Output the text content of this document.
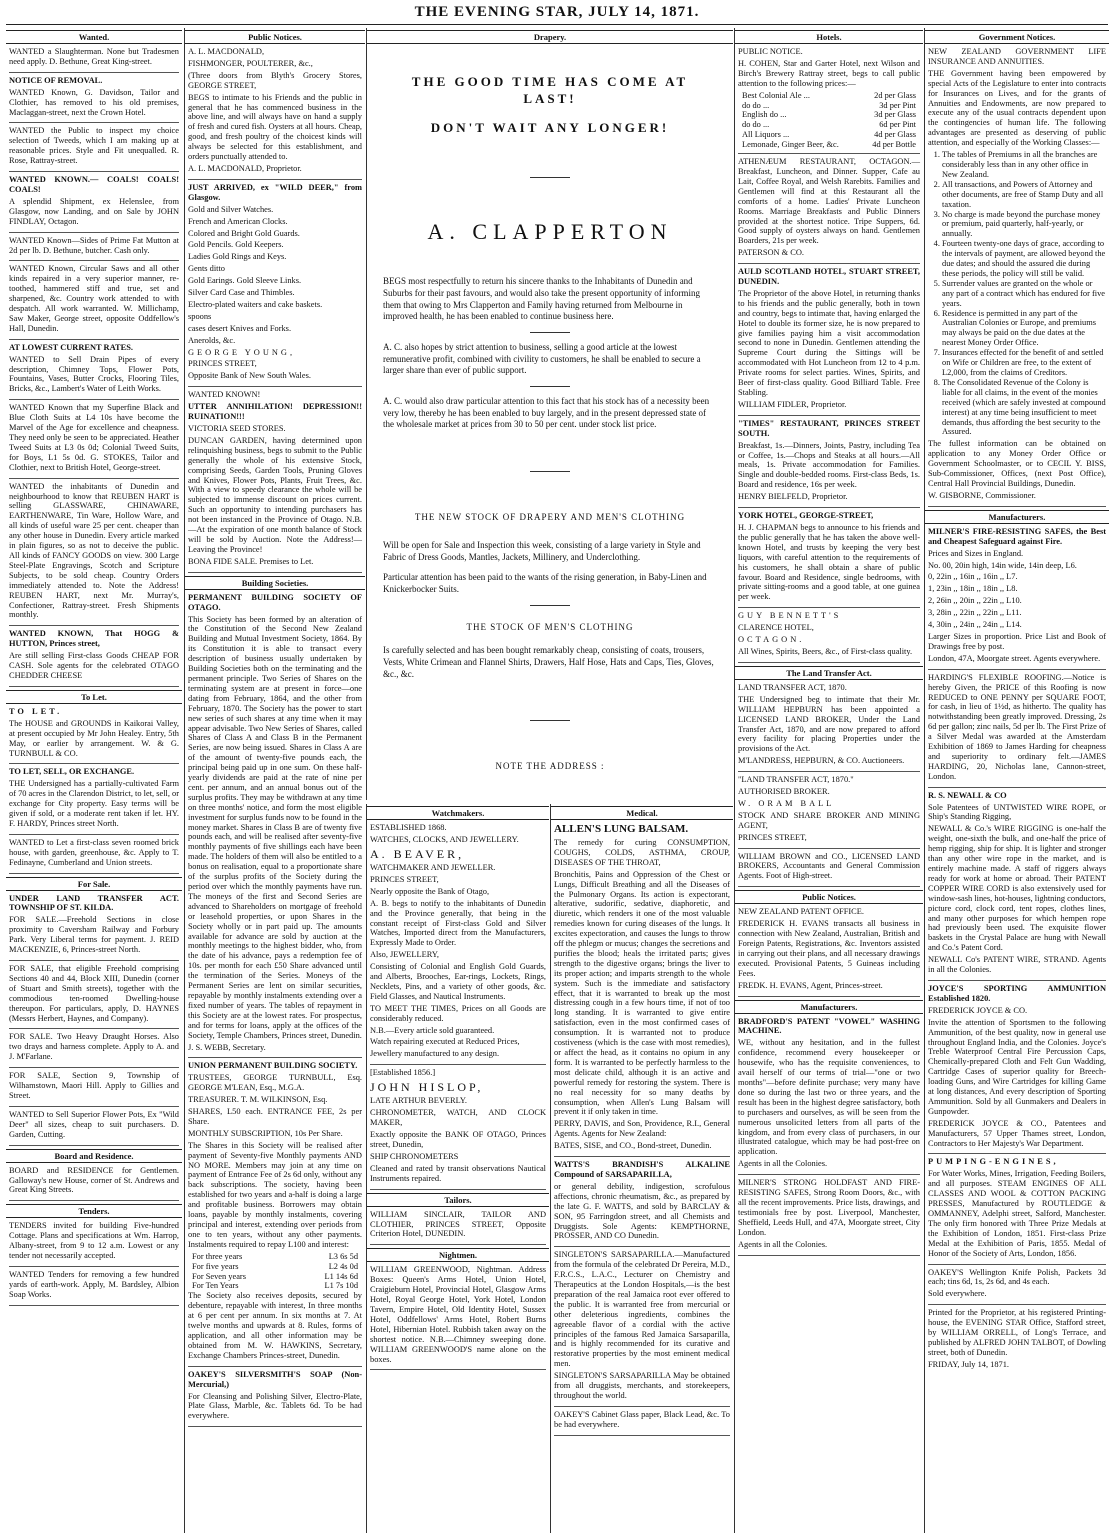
THE EVENING STAR, JULY 14, 1871.
Wanted.

WANTED a Slaughterman. None but Tradesmen need apply. D. Bethune, Great King-street.

NOTICE OF REMOVAL.

WANTED Known, G. Davidson, Tailor and Clothier, has removed to his old premises, Maclaggan-street, next the Crown Hotel.

WANTED the Public to inspect my choice selection of Tweeds, which I am making up at reasonable prices. Style and Fit unequalled. R. Rose, Rattray-street.

WANTED KNOWN.— COALS! COALS! COALS!

A splendid Shipment, ex Helenslee, from Glasgow, now Landing, and on Sale by JOHN FINDLAY, Octagon.

WANTED Known—Sides of Prime Fat Mutton at 2d per lb. D. Bethune, butcher. Cash only.

WANTED Known, Circular Saws and all other kinds repaired in a very superior manner, re-toothed, hammered stiff and true, set and sharpened, &c. Country work attended to with despatch. All work warranted. W. Millichamp, Saw Maker, George street, opposite Oddfellow's Hall, Dunedin.

AT LOWEST CURRENT RATES.

WANTED to Sell Drain Pipes of every description, Chimney Tops, Flower Pots, Fountains, Vases, Butter Crocks, Flooring Tiles, Bricks, &c., Lambert's Water of Leith Works.

WANTED Known that my Superfine Black and Blue Cloth Suits at L4 10s have become the Marvel of the Age for excellence and cheapness. They need only be seen to be appreciated. Heather Tweed Suits at L3 0s 0d; Colonial Tweed Suits, for Boys, L1 5s 0d. G. STOKES, Tailor and Clothier, next to British Hotel, George-street.

WANTED the inhabitants of Dunedin and neighbourhood to know that REUBEN HART is selling GLASSWARE, CHINAWARE, EARTHENWARE, Tin Ware, Hollow Ware, and all kinds of useful ware 25 per cent. cheaper than any other house in Dunedin. Every article marked in plain figures, so as not to deceive the public. All kinds of FANCY GOODS on view. 300 Large Steel-Plate Engravings, Scotch and Scripture Subjects, to be sold cheap. Country Orders immediately attended to. Note the Address! REUBEN HART, next Mr. Murray's, Confectioner, Rattray-street. Fresh Shipments monthly.

WANTED KNOWN, That HOGG & HUTTON, Princes street,

Are still selling First-class Goods CHEAP FOR CASH. Sole agents for the celebrated OTAGO CHEDDER CHEESE

To Let.

TO LET.

The HOUSE and GROUNDS in Kaikorai Valley, at present occupied by Mr John Healey. Entry, 5th May, or earlier by arrangement. W. & G. TURNBULL & CO.

TO LET, SELL, OR EXCHANGE.

THE Undersigned has a partially-cultivated Farm of 70 acres in the Clarendon District, to let, sell, or exchange for City property. Easy terms will be given if sold, or a moderate rent taken if let. HY. F. HARDY, Princes street North.

WANTED to Let a first-class seven roomed brick house, with garden, greenhouse, &c. Apply to T. Fedinayne, Cumberland and Union streets.

For Sale.

UNDER LAND TRANSFER ACT. TOWNSHIP OF ST. KILDA.

FOR SALE.—Freehold Sections in close proximity to Caversham Railway and Forbury Park. Very Liberal terms for payment. J. REID MACKENZIE, 6, Princes-street North.

FOR SALE, that eligible Freehold comprising Sections 40 and 44, Block XIII, Dunedin (corner of Stuart and Smith streets), together with the commodious ten-roomed Dwelling-house thereupon. For particulars, apply, D. HAYNES (Messrs Herbert, Haynes, and Company).

FOR SALE. Two Heavy Draught Horses. Also two drays and harness complete. Apply to A. and J. M'Farlane.

FOR SALE, Section 9, Township of Wilhamstown, Maori Hill. Apply to Gillies and Street.

WANTED to Sell Superior Flower Pots, Ex "Wild Deer" all sizes, cheap to suit purchasers. D. Garden, Cutting.

Board and Residence.

BOARD and RESIDENCE for Gentlemen. Galloway's new House, corner of St. Andrews and Great King Streets.

Tenders.

TENDERS invited for building Five-hundred Cottage. Plans and specifications at Wm. Harrop, Albany-street, from 9 to 12 a.m. Lowest or any tender not necessarily accepted.

WANTED Tenders for removing a few hundred yards of earth-work. Apply, M. Bardsley, Albion Soap Works.

Public Notices.

A. L. MACDONALD,

FISHMONGER, POULTERER, &c.,

(Three doors from Blyth's Grocery Stores, GEORGE STREET,

BEGS to intimate to his Friends and the public in general that he has commenced business in the above line, and will always have on hand a supply of fresh and cured fish. Oysters at all hours. Cheap, good, and fresh poultry of the choicest kinds will always be selected for this establishment, and orders punctually attended to.

A. L. MACDONALD, Proprietor.

JUST ARRIVED, ex "WILD DEER," from Glasgow.

Gold and Silver Watches.

French and American Clocks.

Colored and Bright Gold Guards.

Gold Pencils. Gold Keepers.

Ladies Gold Rings and Keys.

Gents ditto

Gold Earings. Gold Sleeve Links.

Silver Card Case and Thimbles.

Electro-plated waiters and cake baskets.

spoons

cases desert Knives and Forks.

Anerolds, &c.

GEORGE YOUNG,

PRINCES STREET,

Opposite Bank of New South Wales.

WANTED KNOWN!

UTTER ANNIHILATION! DEPRESSION!! RUINATION!!!

VICTORIA SEED STORES.

DUNCAN GARDEN, having determined upon relinquishing business, begs to submit to the Public generally the whole of his extensive Stock, comprising Seeds, Garden Tools, Pruning Gloves and Knives, Flower Pots, Plants, Fruit Trees, &c. With a view to speedy clearance the whole will be subjected to immense discount on prices current. Such an opportunity to intending purchasers has not been instanced in the Province of Otago. N.B.—At the expiration of one month balance of Stock will be sold by Auction. Note the Address!—Leaving the Province!

BONA FIDE SALE. Premises to Let.

Building Societies.

PERMANENT BUILDING SOCIETY OF OTAGO.

This Society has been formed by an alteration of the Constitution of the Second New Zealand Building and Mutual Investment Society, 1864. By its Constitution it is able to transact every description of business usually undertaken by Building Societies both on the terminating and the permanent principle. Two Series of Shares on the terminating system are at present in force—one dating from February, 1864, and the other from February, 1870. The Society has the power to start new series of such shares at any time when it may appear advisable. Two New Series of Shares, called Shares of Class A and Class B in the Permanent Series, are now being issued. Shares in Class A are of the amount of twenty-five pounds each, the principal being paid up in one sum. On these half-yearly dividends are paid at the rate of nine per cent. per annum, and an annual bonus out of the surplus profits. They may be withdrawn at any time on three months' notice, and form the most eligible investment for surplus funds now to be found in the money market. Shares in Class B are of twenty five pounds each, and will be realised after seventy-five monthly payments of five shillings each have been made. The holders of them will also be entitled to a bonus on realisation, equal to a proportionate share of the surplus profits of the Society during the period over which the monthly payments have run. The moneys of the first and Second Series are advanced to Shareholders on mortgage of freehold or leasehold properties, or upon Shares in the Society wholly or in part paid up. The amounts available for advance are sold by auction at the monthly meetings to the highest bidder, who, from the date of his advance, pays a redemption fee of 10s. per month for each £50 Share advanced until the termination of the Series. Moneys of the Permanent Series are lent on similar securities, repayable by monthly instalments extending over a fixed number of years. The tables of repayment in this Society are at the lowest rates. For prospectus, and for terms for loans, apply at the offices of the Society, Temple Chambers, Princes street, Dunedin.

J. S. WEBB, Secretary.

UNION PERMANENT BUILDING SOCIETY.

TRUSTEES, GEORGE TURNBULL, Esq. GEORGE M'LEAN, Esq., M.G.A.

TREASURER. T. M. WILKINSON, Esq.

SHARES, L50 each. ENTRANCE FEE, 2s per Share.

MONTHLY SUBSCRIPTION, 10s Per Share.

The Shares in this Society will be realised after payment of Seventy-five Monthly payments AND NO MORE. Members may join at any time on payment of Entrance Fee of 2s 6d only, without any back subscriptions. The society, having been established for two years and a-half is doing a large and profitable business. Borrowers may obtain loans, payable by monthly instalments, covering principal and interest, extending over periods from one to ten years, without any other payments. Instalments required to repay L100 and interest:

For three years	L3 6s 5d
For five years	L2 4s 0d
For Seven years	L1 14s 6d
For Ten Years	L1 7s 10d

The Society also receives deposits, secured by debenture, repayable with interest, In three months at 6 per cent per annum. In six months at 7. At twelve months and upwards at 8. Rules, forms of application, and all other information may be obtained from M. W. HAWKINS, Secretary, Exchange Chambers Princes-street, Dunedin.

OAKEY'S SILVERSMITH'S SOAP (Non-Mercurial,)

For Cleansing and Polishing Silver, Electro-Plate, Plate Glass, Marble, &c. Tablets 6d. To be had everywhere.

Drapery.

THE GOOD TIME HAS COME AT LAST!

DON'T WAIT ANY LONGER!

A. CLAPPERTON

BEGS most respectfully to return his sincere thanks to the Inhabitants of Dunedin and Suburbs for their past favours, and would also take the present opportunity of informing them that owing to Mrs Clapperton and Family having returned from Melbourne in improved health, he has been enabled to continue business here.

A. C. also hopes by strict attention to business, selling a good article at the lowest remunerative profit, combined with civility to customers, he shall be enabled to secure a larger share than ever of public support.

A. C. would also draw particular attention to this fact that his stock has of a necessity been very low, thereby he has been enabled to buy largely, and in the present depressed state of the wholesale market at prices from 30 to 50 per cent. under stock list price.

THE NEW STOCK OF DRAPERY AND MEN'S CLOTHING

Will be open for Sale and Inspection this week, consisting of a large variety in Style and Fabric of Dress Goods, Mantles, Jackets, Millinery, and Underclothing.

Particular attention has been paid to the wants of the rising generation, in Baby-Linen and Knickerbocker Suits.

THE STOCK OF MEN'S CLOTHING

Is carefully selected and has been bought remarkably cheap, consisting of coats, trousers, Vests, White Crimean and Flannel Shirts, Drawers, Half Hose, Hats and Caps, Ties, Gloves, &c., &c.

NOTE THE ADDRESS :

Watchmakers.

ESTABLISHED 1868.

WATCHES, CLOCKS, AND JEWELLERY.

A. BEAVER,

WATCHMAKER AND JEWELLER.

PRINCES STREET,

Nearly opposite the Bank of Otago,

A. B. begs to notify to the inhabitants of Dunedin and the Province generally, that being in the constant receipt of First-class Gold and Silver Watches, Imported direct from the Manufacturers, Expressly Made to Order.

Also, JEWELLERY,

Consisting of Colonial and English Gold Guards, and Alberts, Brooches, Ear-rings, Lockets, Rings, Necklets, Pins, and a variety of other goods, &c. Field Glasses, and Nautical Instruments.

TO MEET THE TIMES, Prices on all Goods are considerably reduced.

N.B.—Every article sold guaranteed.

Watch repairing executed at Reduced Prices,

Jewellery manufactured to any design.

[Established 1856.]

JOHN HISLOP,

LATE ARTHUR BEVERLY.

CHRONOMETER, WATCH, AND CLOCK MAKER,

Exactly opposite the BANK OF OTAGO, Princes street, Dunedin,

SHIP CHRONOMETERS

Cleaned and rated by transit observations Nautical Instruments repaired.

Tailors.

WILLIAM SINCLAIR, TAILOR AND CLOTHIER, PRINCES STREET, Opposite Criterion Hotel, DUNEDIN.

Nightmen.

WILLIAM GREENWOOD, Nightman. Address Boxes: Queen's Arms Hotel, Union Hotel, Craigieburn Hotel, Provincial Hotel, Glasgow Arms Hotel, Royal George Hotel, York Hotel, London Tavern, Empire Hotel, Old Identity Hotel, Sussex Hotel, Oddfellows' Arms Hotel, Robert Burns Hotel, Hibernian Hotel. Rubbish taken away on the shortest notice. N.B.—Chimney sweeping done. WILLIAM GREENWOOD'S name alone on the boxes.

Medical.

ALLEN'S LUNG BALSAM.

The remedy for curing CONSUMPTION, COUGHS, COLDS, ASTHMA, CROUP, DISEASES OF THE THROAT,

Bronchitis, Pains and Oppression of the Chest or Lungs, Difficult Breathing and all the Diseases of the Pulmonary Organs. Its action is expectorant, alterative, sudorific, sedative, diaphoretic, and diuretic, which renders it one of the most valuable remedies known for curing diseases of the lungs. It excites expectoration, and causes the lungs to throw off the phlegm or mucus; changes the secretions and purifies the blood; heals the irritated parts; gives strength to the digestive organs; brings the liver to its proper action; and imparts strength to the whole system. Such is the immediate and satisfactory effect, that it is warranted to break up the most distressing cough in a few hours time, if not of too long standing. It is warranted to give entire satisfaction, even in the most confirmed cases of consumption. It is warranted not to produce costiveness (which is the case with most remedies), or affect the head, as it contains no opium in any form. It is warranted to be perfectly harmless to the most delicate child, although it is an active and powerful remedy for restoring the system. There is no real necessity for so many deaths by consumption, when Allen's Lung Balsam will prevent it if only taken in time.

PERRY, DAVIS, and Son, Providence, R.I., General Agents. Agents for New Zealand:

BATES, SISE, and CO., Bond-street, Dunedin.

WATTS'S BRANDISH'S ALKALINE Compound of SARSAPARILLA,

or general debility, indigestion, scrofulous affections, chronic rheumatism, &c., as prepared by the late G. F. WATTS, and sold by BARCLAY & SON, 95 Farringdon street, and all Chemists and Druggists. Sole Agents: KEMPTHORNE, PROSSER, AND CO Dunedin.

SINGLETON'S SARSAPARILLA.—Manufactured from the formula of the celebrated Dr Pereira, M.D., F.R.C.S., L.A.C., Lecturer on Chemistry and Therapeutics at the London Hospitals,—is the best preparation of the real Jamaica root ever offered to the public. It is warranted free from mercurial or other deleterious ingredients, combines the agreeable flavor of a cordial with the active principles of the famous Red Jamaica Sarsaparilla, and is highly recommended for its curative and restorative properties by the most eminent medical men.

SINGLETON'S SARSAPARILLA May be obtained from all druggists, merchants, and storekeepers, throughout the world.

OAKEY'S Cabinet Glass paper, Black Lead, &c. To be had everywhere.

Hotels.

PUBLIC NOTICE.

H. COHEN, Star and Garter Hotel, next Wilson and Birch's Brewery Rattray street, begs to call public attention to the following prices:—

Best Colonial Ale ...	2d per Glass
do do ...	3d per Pint
English do ...	3d per Glass
do do ...	6d per Pint
All Liquors ...	4d per Glass
Lemonade, Ginger Beer, &c.	4d per Bottle

ATHENÆUM RESTAURANT, OCTAGON.—Breakfast, Luncheon, and Dinner. Supper, Cafe au Lait, Coffee Royal, and Welsh Rarebits. Families and Gentlemen will find at this Restaurant all the comforts of a home. Ladies' Private Luncheon Rooms. Marriage Breakfasts and Public Dinners provided at the shortest notice. Tripe Suppers, 6d. Good supply of oysters always on hand. Gentlemen Boarders, 21s per week.

PATERSON & CO.

AULD SCOTLAND HOTEL, STUART STREET, DUNEDIN.

The Proprietor of the above Hotel, in returning thanks to his friends and the public generally, both in town and country, begs to intimate that, having enlarged the Hotel to double its former size, he is now prepared to give families paying him a visit accommodation second to none in Dunedin. Gentlemen attending the Supreme Court during the Sittings will be accommodated with Hot Luncheon from 12 to 4 p.m. Private rooms for select parties. Wines, Spirits, and Beer of first-class quality. Good Billiard Table. Free Stabling.

WILLIAM FIDLER, Proprietor.

"TIMES" RESTAURANT, PRINCES STREET SOUTH.

Breakfast, 1s.—Dinners, Joints, Pastry, including Tea or Coffee, 1s.—Chops and Steaks at all hours.—All meals, 1s. Private accommodation for Families. Single and double-bedded rooms. First-class Beds, 1s. Board and residence, 16s per week.

HENRY BIELFELD, Proprietor.

YORK HOTEL, GEORGE-STREET,

H. J. CHAPMAN begs to announce to his friends and the public generally that he has taken the above well-known Hotel, and trusts by keeping the very best liquors, with careful attention to the requirements of his customers, he shall obtain a share of public favour. Board and Residence, single bedrooms, with private sitting-rooms and a good table, at one guinea per week.

GUY BENNETT'S

CLARENCE HOTEL,

OCTAGON.

All Wines, Spirits, Beers, &c., of First-class quality.

The Land Transfer Act.

LAND TRANSFER ACT, 1870.

THE Undersigned beg to intimate that their Mr. WILLIAM HEPBURN has been appointed a LICENSED LAND BROKER, Under the Land Transfer Act, 1870, and are now prepared to afford every facility for placing Properties under the provisions of the Act.

M'LANDRESS, HEPBURN, & CO. Auctioneers.

"LAND TRANSFER ACT, 1870."

AUTHORISED BROKER.

W. ORAM BALL

STOCK AND SHARE BROKER AND MINING AGENT,

PRINCES STREET,

WILLIAM BROWN and CO., LICENSED LAND BROKERS, Accountants and General Commission Agents. Foot of High-street.

Public Notices.

NEW ZEALAND PATENT OFFICE.

FREDERICK H. EVANS transacts all business in connection with New Zealand, Australian, British and Foreign Patents, Registrations, &c. Inventors assisted in carrying out their plans, and all necessary drawings executed. Provisional Patents, 5 Guineas including Fees.

FREDK. H. EVANS, Agent, Princes-street.

Manufacturers.

BRADFORD'S PATENT "VOWEL" WASHING MACHINE.

WE, without any hesitation, and in the fullest confidence, recommend every housekeeper or housewife, who has the requisite conveniences, to avail herself of our terms of trial—"one or two months"—before definite purchase; very many have done so during the last two or three years, and the result has been in the highest degree satisfactory, both to purchasers and ourselves, as will be seen from the numerous unsolicited letters from all parts of the kingdom, and from every class of purchasers, in our illustrated catalogue, which may be had post-free on application.

Agents in all the Colonies.

MILNER'S STRONG HOLDFAST AND FIRE-RESISTING SAFES, Strong Room Doors, &c., with all the recent improvements. Price lists, drawings, and testimonials free by post. Liverpool, Manchester, Sheffield, Leeds Hull, and 47A, Moorgate street, City London.

Agents in all the Colonies.

Government Notices.

NEW ZEALAND GOVERNMENT LIFE INSURANCE AND ANNUITIES.

THE Government having been empowered by special Acts of the Legislature to enter into contracts for Insurances on Lives, and for the grants of Annuities and Endowments, are now prepared to execute any of the usual contracts dependent upon the contingencies of human life. The following advantages are presented as deserving of public attention, and especially of the Working Classes:—

1. The tables of Premiums in all the branches are considerably less than in any other office in New Zealand.
2. All transactions, and Powers of Attorney and other documents, are free of Stamp Duty and all taxation.
3. No charge is made beyond the purchase money or premium, paid quarterly, half-yearly, or annually.
4. Fourteen twenty-one days of grace, according to the intervals of payment, are allowed beyond the due dates; and should the assured die during these periods, the policy will still be valid.
5. Surrender values are granted on the whole or any part of a contract which has endured for five years.
6. Residence is permitted in any part of the Australian Colonies or Europe, and premiums may always be paid on the due dates at the nearest Money Order Office.
7. Insurances effected for the benefit of and settled on Wife or Children are free, to the extent of L2,000, from the claims of Creditors.
8. The Consolidated Revenue of the Colony is liable for all claims, in the event of the monies received (which are safely invested at compound interest) at any time being insufficient to meet demands, thus affording the best security to the Assured.

The fullest information can be obtained on application to any Money Order Office or Government Schoolmaster, or to CECIL Y. BISS, Sub-Commissioner, Offices, (next Post Office), Central Hall Provincial Buildings, Dunedin.

W. GISBORNE, Commissioner.

Manufacturers.

MILNER'S FIRE-RESISTING SAFES, the Best and Cheapest Safeguard against Fire.

Prices and Sizes in England.

No. 00, 20in high, 14in wide, 14in deep, L6.

0, 22in ,, 16in ,, 16in ,, L7.

1, 23in ,, 18in ,, 18in ,, L8.

2, 26in ,, 20in ,, 22in ,, L10.

3, 28in ,, 22in ,, 22in ,, L11.

4, 30in ,, 24in ,, 24in ,, L14.

Larger Sizes in proportion. Price List and Book of Drawings free by post.

London, 47A, Moorgate street. Agents everywhere.

HARDING'S FLEXIBLE ROOFING.—Notice is hereby Given, the PRICE of this Roofing is now REDUCED to ONE PENNY per SQUARE FOOT, for cash, in lieu of 1½d, as hitherto. The quality has notwithstanding been greatly improved. Dressing, 2s 6d per gallon; zinc nails, 5d per lb. The First Prize of a Silver Medal was awarded at the Amsterdam Exhibition of 1869 to James Harding for cheapness and superiority to ordinary felt.—JAMES HARDING, 20, Nicholas lane, Cannon-street, London.

R. S. NEWALL & CO

Sole Patentees of UNTWISTED WIRE ROPE, or Ship's Standing Rigging,

NEWALL & Co.'s WIRE RIGGING is one-half the weight, one-sixth the bulk, and one-half the price of hemp rigging, ship for ship. It is lighter and stronger than any other wire rope in the market, and is entirely machine made. A staff of riggers always ready for work at home or abroad. Their PATENT COPPER WIRE CORD is also extensively used for window-sash lines, hot-houses, lightning conductors, picture cord, clock cord, tent ropes, clothes lines, and many other purposes for which hempen rope had previously been used. The exquisite flower baskets in the Crystal Palace are hung with Newall and Co.'s Patent Cord.

NEWALL Co's PATENT WIRE, STRAND. Agents in all the Colonies.

JOYCE'S SPORTING AMMUNITION Established 1820.

FREDERICK JOYCE & CO.

Invite the attention of Sportsmen to the following Ammunition, of the best quality, now in general use throughout England India, and the Colonies. Joyce's Treble Waterproof Central Fire Percussion Caps, Chemically-prepared Cloth and Felt Gun Wadding, Cartridge Cases of superior quality for Breech-loading Guns, and Wire Cartridges for killing Game at long distances, And every description of Sporting Ammunition. Sold by all Gunmakers and Dealers in Gunpowder.

FREDERICK JOYCE & CO., Patentees and Manufacturers, 57 Upper Thames street, London, Contractors to Her Majesty's War Department.

PUMPING-ENGINES,

For Water Works, Mines, Irrigation, Feeding Boilers, and all purposes. STEAM ENGINES OF ALL CLASSES AND WOOL & COTTON PACKING PRESSES, Manufactured by ROUTLEDGE & OMMANNEY, Adelphi street, Salford, Manchester. The only firm honored with Three Prize Medals at the Exhibition of London, 1851. First-class Prize Medal at the Exhibition of Paris, 1855. Medal of Honor of the Society of Arts, London, 1856.

OAKEY'S Wellington Knife Polish, Packets 3d each; tins 6d, 1s, 2s 6d, and 4s each.

Sold everywhere.

Printed for the Proprietor, at his registered Printing-house, the EVENING STAR Office, Stafford street, by WILLIAM ORRELL, of Long's Terrace, and published by ALFRED JOHN TALBOT, of Dowling street, both of Dunedin.

FRIDAY, July 14, 1871.
